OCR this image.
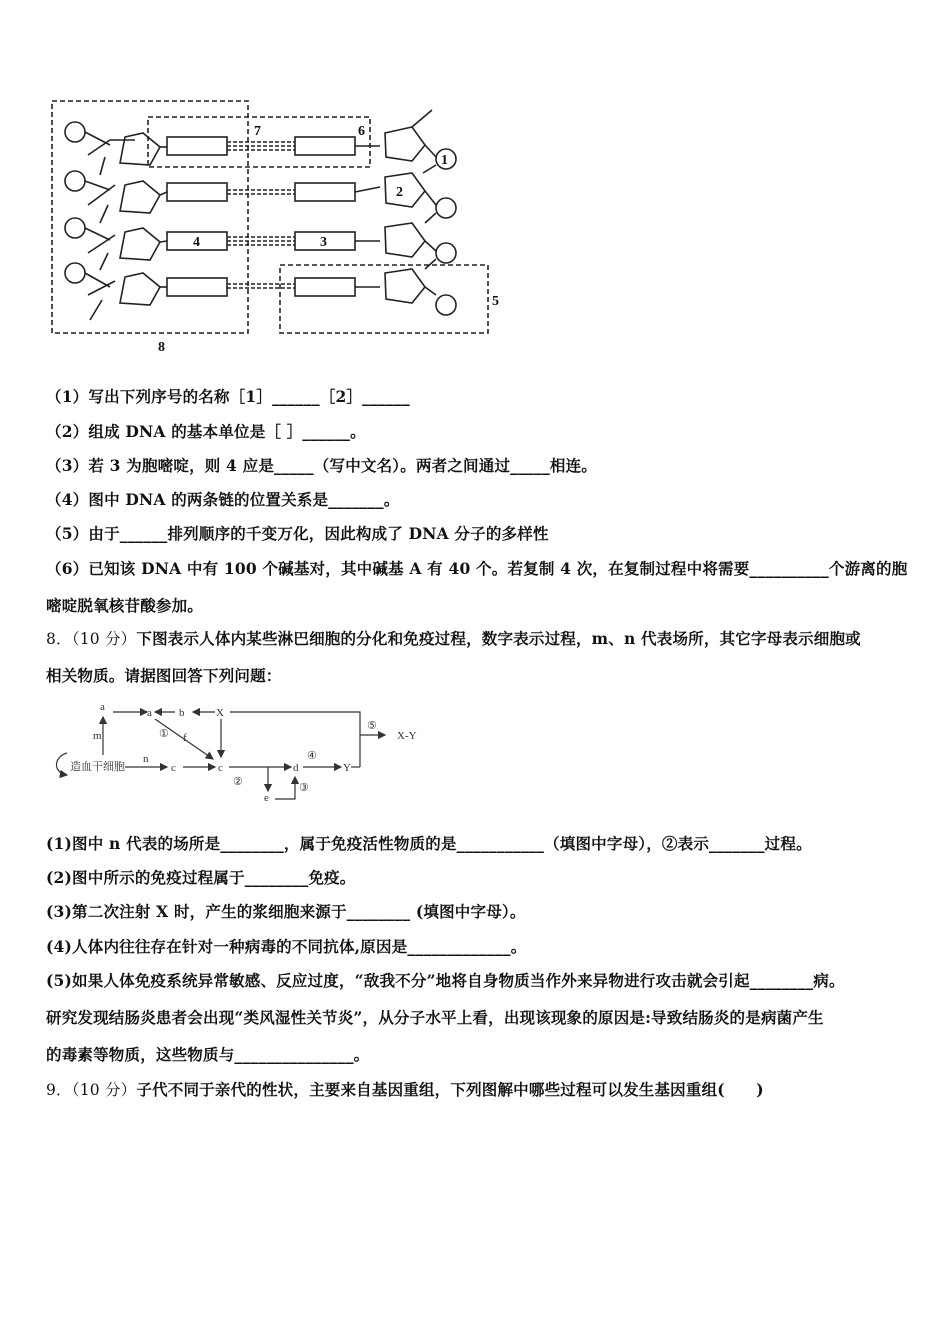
1
2
3
4
5
6
7
8
（1）写出下列序号的名称［1］______［2］______
（2）组成 DNA 的基本单位是［ ］______。
（3）若 3 为胞嘧啶，则 4 应是_____（写中文名）。两者之间通过_____相连。
（4）图中 DNA 的两条链的位置关系是_______。
（5）由于______排列顺序的千变万化，因此构成了 DNA 分子的多样性
（6）已知该 DNA 中有 100 个碱基对，其中碱基 A 有 40 个。若复制 4 次，在复制过程中将需要__________个游离的胞
嘧啶脱氧核苷酸参加。
8．（10 分）下图表示人体内某些淋巴细胞的分化和免疫过程，数字表示过程，m、n 代表场所，其它字母表示细胞或
相关物质。请据图回答下列问题：
a	a b	X
m
n
f
c	c	d
e
Y
X-Y
造血干细胞
①
②	③
④
⑤
(1)图中 n 代表的场所是________，属于免疫活性物质的是___________（填图中字母），②表示_______过程。
(2)图中所示的免疫过程属于________免疫。
(3)第二次注射 X 时，产生的浆细胞来源于________ (填图中字母）。
(4)人体内往往存在针对一种病毒的不同抗体,原因是_____________。
(5)如果人体免疫系统异常敏感、反应过度，“敌我不分”地将自身物质当作外来异物进行攻击就会引起________病。
研究发现结肠炎患者会出现“类风湿性关节炎”，从分子水平上看，出现该现象的原因是:导致结肠炎的是病菌产生
的毒素等物质，这些物质与_______________。
9．（10 分）子代不同于亲代的性状，主要来自基因重组，下列图解中哪些过程可以发生基因重组(　　)
